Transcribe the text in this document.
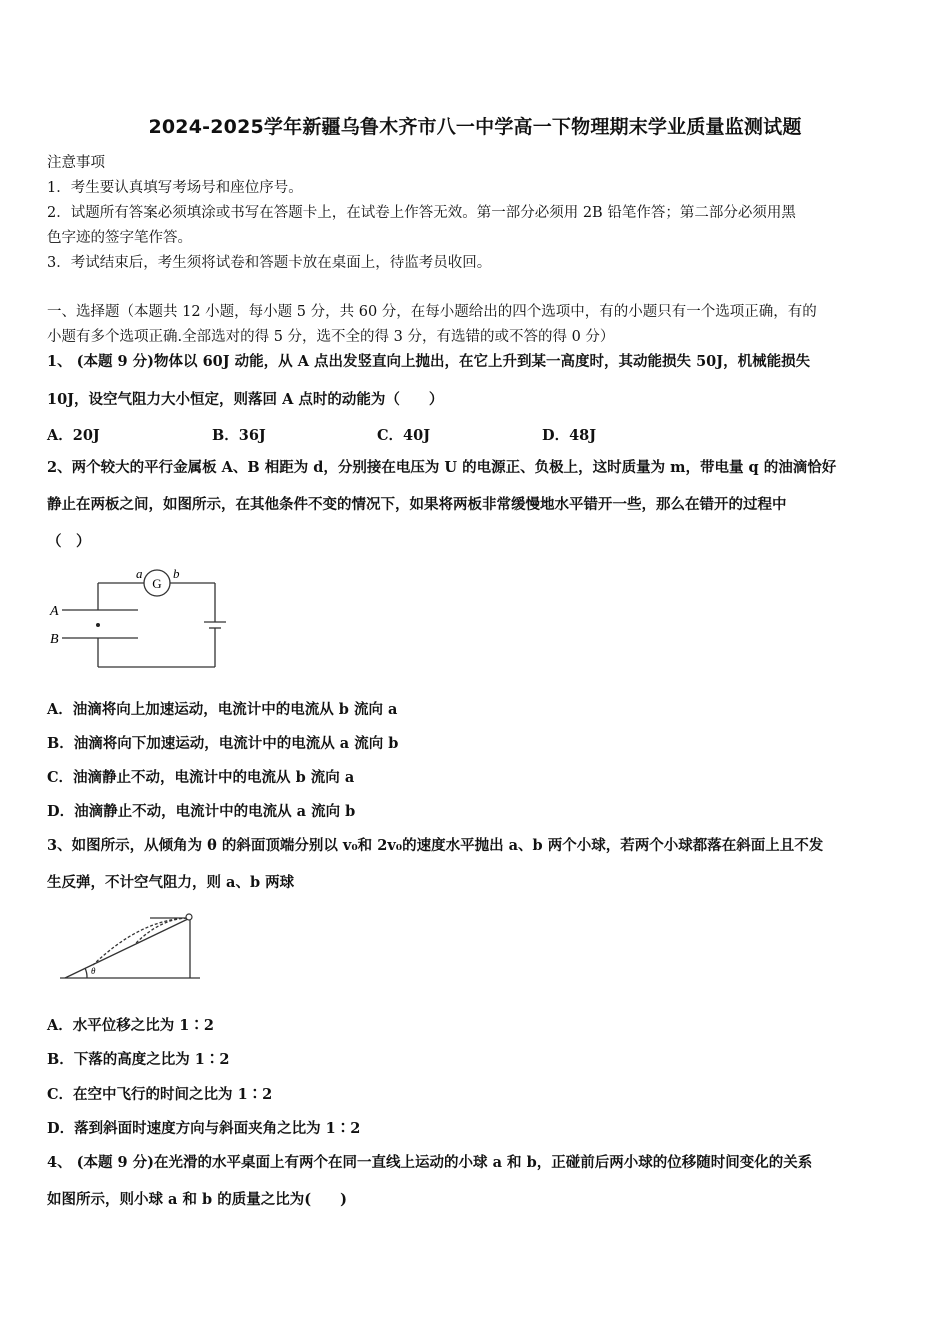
2024-2025学年新疆乌鲁木齐市八一中学高一下物理期末学业质量监测试题
注意事项
1．考生要认真填写考场号和座位序号。
2．试题所有答案必须填涂或书写在答题卡上，在试卷上作答无效。第一部分必须用 2B 铅笔作答；第二部分必须用黑
色字迹的签字笔作答。
3．考试结束后，考生须将试卷和答题卡放在桌面上，待监考员收回。
一、选择题（本题共 12 小题，每小题 5 分，共 60 分，在每小题给出的四个选项中，有的小题只有一个选项正确，有的
小题有多个选项正确.全部选对的得 5 分，选不全的得 3 分，有选错的或不答的得 0 分）
1、 (本题 9 分)物体以 60J 动能，从 A 点出发竖直向上抛出，在它上升到某一高度时，其动能损失 50J，机械能损失
10J，设空气阻力大小恒定，则落回 A 点时的动能为（　　）
A．20J	B．36J	C．40J	D．48J
2、两个较大的平行金属板 A、B 相距为 d，分别接在电压为 U 的电源正、负极上，这时质量为 m，带电量 q 的油滴恰好
静止在两板之间，如图所示，在其他条件不变的情况下，如果将两板非常缓慢地水平错开一些，那么在错开的过程中
（　）
G
a b
A
B
A．油滴将向上加速运动，电流计中的电流从 b 流向 a
B．油滴将向下加速运动，电流计中的电流从 a 流向 b
C．油滴静止不动，电流计中的电流从 b 流向 a
D．油滴静止不动，电流计中的电流从 a 流向 b
3、如图所示，从倾角为 θ 的斜面顶端分别以 v₀和 2v₀的速度水平抛出 a、b 两个小球，若两个小球都落在斜面上且不发
生反弹，不计空气阻力，则 a、b 两球
θ
A．水平位移之比为 1∶2
B．下落的高度之比为 1∶2
C．在空中飞行的时间之比为 1∶2
D．落到斜面时速度方向与斜面夹角之比为 1∶2
4、 (本题 9 分)在光滑的水平桌面上有两个在同一直线上运动的小球 a 和 b，正碰前后两小球的位移随时间变化的关系
如图所示，则小球 a 和 b 的质量之比为(　　)
